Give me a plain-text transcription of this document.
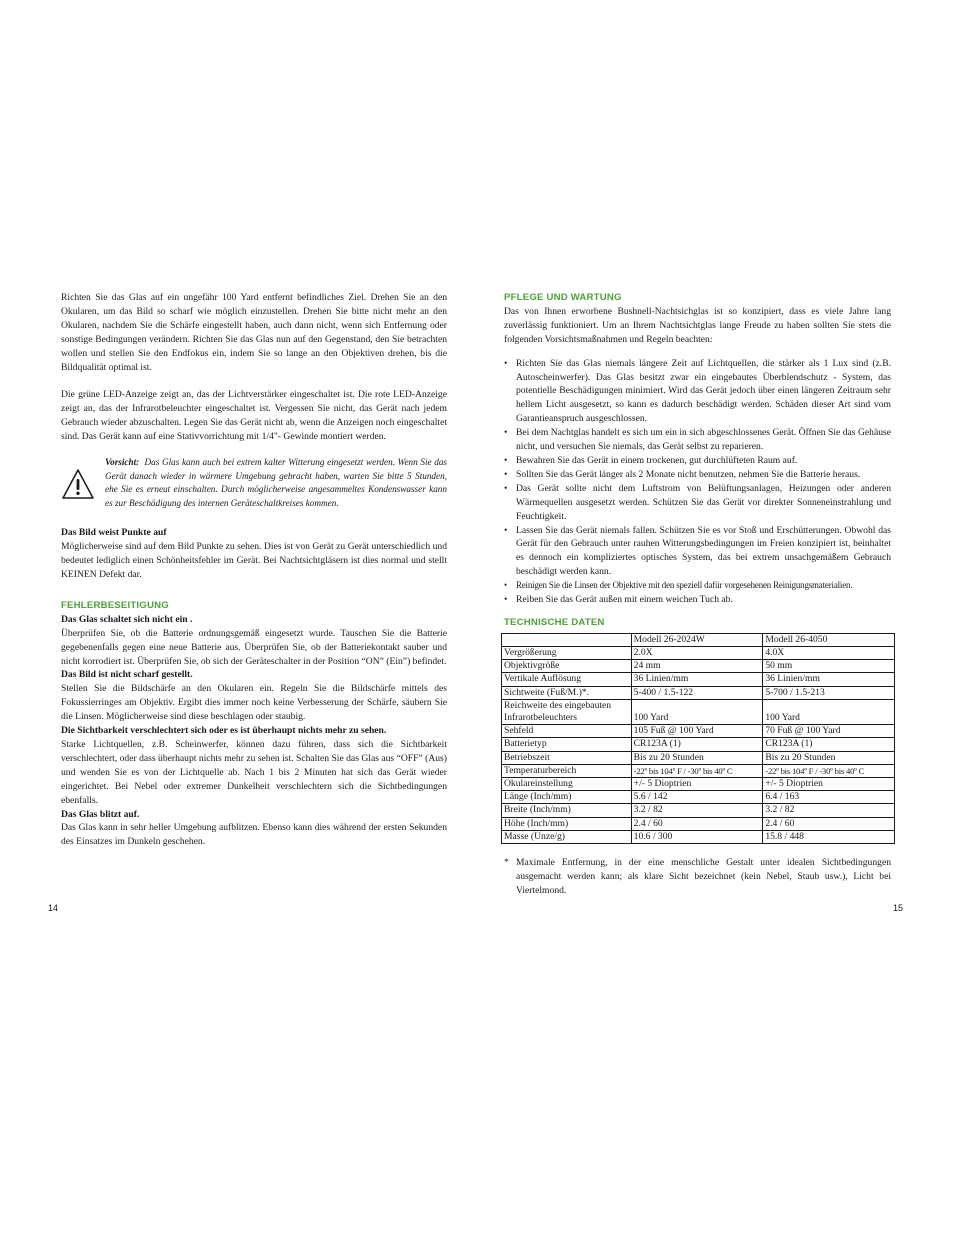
Richten Sie das Glas auf ein ungefähr 100 Yard entfernt befindliches Ziel. Drehen Sie an den Okularen, um das Bild so scharf wie möglich einzustellen. Drehen Sie bitte nicht mehr an den Okularen, nachdem Sie die Schärfe eingestellt haben, auch dann nicht, wenn sich Entfernung oder sonstige Bedingungen verändern. Richten Sie das Glas nun auf den Gegenstand, den Sie betrachten wollen und stellen Sie den Endfokus ein, indem Sie so lange an den Objektiven drehen, bis die Bildqualität optimal ist.

Die grüne LED-Anzeige zeigt an, das der Lichtverstärker eingeschaltet ist. Die rote LED-Anzeige zeigt an, das der Infrarotbeleuchter eingeschaltet ist. Vergessen Sie nicht, das Gerät nach jedem Gebrauch wieder abzuschalten. Legen Sie das Gerät nicht ab, wenn die Anzeigen noch eingeschaltet sind. Das Gerät kann auf eine Stativvorrichtung mit 1/4"- Gewinde montiert werden.

Vorsicht: Das Glas kann auch bei extrem kalter Witterung eingesetzt werden. Wenn Sie das Gerät danach wieder in wärmere Umgebung gebracht haben, warten Sie bitte 5 Stunden, ehe Sie es erneut einschalten. Durch möglicherweise angesammeltes Kondenswasser kann es zur Beschädigung des internen Geräteschaltkreises kommen.

Das Bild weist Punkte auf

Möglicherweise sind auf dem Bild Punkte zu sehen. Dies ist von Gerät zu Gerät unterschiedlich und bedeutet lediglich einen Schönheitsfehler im Gerät. Bei Nachtsichtgläsern ist dies normal und stellt KEINEN Defekt dar.

FEHLERBESEITIGUNG

Das Glas schaltet sich nicht ein .

Überprüfen Sie, ob die Batterie ordnungsgemäß eingesetzt wurde. Tauschen Sie die Batterie gegebenenfalls gegen eine neue Batterie aus. Überprüfen Sie, ob der Batteriekontakt sauber und nicht korrodiert ist. Überprüfen Sie, ob sich der Geräteschalter in der Position “ON” (Ein”) befindet.

Das Bild ist nicht scharf gestellt.

Stellen Sie die Bildschärfe an den Okularen ein. Regeln Sie die Bildschärfe mittels des Fokussierringes am Objektiv. Ergibt dies immer noch keine Verbesserung der Schärfe, säubern Sie die Linsen. Möglicherweise sind diese beschlagen oder staubig.

Die Sichtbarkeit verschlechtert sich oder es ist überhaupt nichts mehr zu sehen.

Starke Lichtquellen, z.B. Scheinwerfer, können dazu führen, dass sich die Sichtbarkeit verschlechtert, oder dass überhaupt nichts mehr zu sehen ist. Schalten Sie das Glas aus “OFF” (Aus) und wenden Sie es von der Lichtquelle ab. Nach 1 bis 2 Minuten hat sich das Gerät wieder eingerichtet. Bei Nebel oder extremer Dunkelheit verschlechtern sich die Sichtbedingungen ebenfalls.

Das Glas blitzt auf.

Das Glas kann in sehr heller Umgebung aufblitzen. Ebenso kann dies während der ersten Sekunden des Einsatzes im Dunkeln geschehen.

PFLEGE UND WARTUNG

Das von Ihnen erworbene Bushnell-Nachtsichglas ist so konzipiert, dass es viele Jahre lang zuverlässig funktioniert. Um an Ihrem Nachtsichtglas lange Freude zu haben sollten Sie stets die folgenden Vorsichtsmaßnahmen und Regeln beachten:

• Richten Sie das Glas niemals längere Zeit auf Lichtquellen, die stärker als 1 Lux sind (z.B. Autoscheinwerfer). Das Glas besitzt zwar ein eingebautes Überblendschutz - System, das potentielle Beschädigungen minimiert. Wird das Gerät jedoch über einen längeren Zeitraum sehr hellem Licht ausgesetzt, so kann es dadurch beschädigt werden. Schäden dieser Art sind vom Garantieanspruch ausgeschlossen.
• Bei dem Nachtglas handelt es sich um ein in sich abgeschlossenes Gerät. Öffnen Sie das Gehäuse nicht, und versuchen Sie niemals, das Gerät selbst zu reparieren.
• Bewahren Sie das Gerät in einem trockenen, gut durchlüfteten Raum auf.
• Sollten Sie das Gerät länger als 2 Monate nicht benutzen, nehmen Sie die Batterie heraus.
• Das Gerät sollte nicht dem Luftstrom von Belüftungsanlagen, Heizungen oder anderen Wärmequellen ausgesetzt werden. Schützen Sie das Gerät vor direkter Sonneneinstrahlung und Feuchtigkeit.
• Lassen Sie das Gerät niemals fallen. Schützen Sie es vor Stoß und Erschütterungen. Obwohl das Gerät für den Gebrauch unter rauhen Witterungsbedingungen im Freien konzipiert ist, beinhaltet es dennoch ein kompliziertes optisches System, das bei extrem unsachgemäßem Gebrauch beschädigt werden kann.
• Reinigen Sie die Linsen der Objektive mit den speziell dafür vorgesehenen Reinigungsmaterialien.
• Reiben Sie das Gerät außen mit einem weichen Tuch ab.
TECHNISCHE DATEN
	Modell 26-2024W	Modell 26-4050
Vergrößerung	2.0X	4.0X
Objektivgröße	24 mm	50 mm
Vertikale Auflösung	36 Linien/mm	36 Linien/mm
Sichtweite (Fuß/M.)*.	5-400 / 1.5-122	5-700 / 1.5-213
Reichweite des eingebauten Infrarotbeleuchters	100 Yard	100 Yard
Sehfeld	105 Fuß @ 100 Yard	70 Fuß @ 100 Yard
Batterietyp	CR123A (1)	CR123A (1)
Betriebszeit	Bis zu 20 Stunden	Bis zu 20 Stunden
Temperaturbereich	-22º bis 104º F / -30º bis 40º C	-22º bis 104º F / -30º bis 40º C
Okulareinstellung	+/- 5 Dioptrien	+/- 5 Dioptrien
Länge (Inch/mm)	5.6 / 142	6.4 / 163
Breite (Inch/mm)	3.2 / 82	3.2 / 82
Höhe (Inch/mm)	2.4 / 60	2.4 / 60
Masse (Unze/g)	10.6 / 300	15.8 / 448
* Maximale Entfernung, in der eine menschliche Gestalt unter idealen Sichtbedingungen ausgemacht werden kann; als klare Sicht bezeichnet (kein Nebel, Staub usw.), Licht bei Viertelmond.
14	15
